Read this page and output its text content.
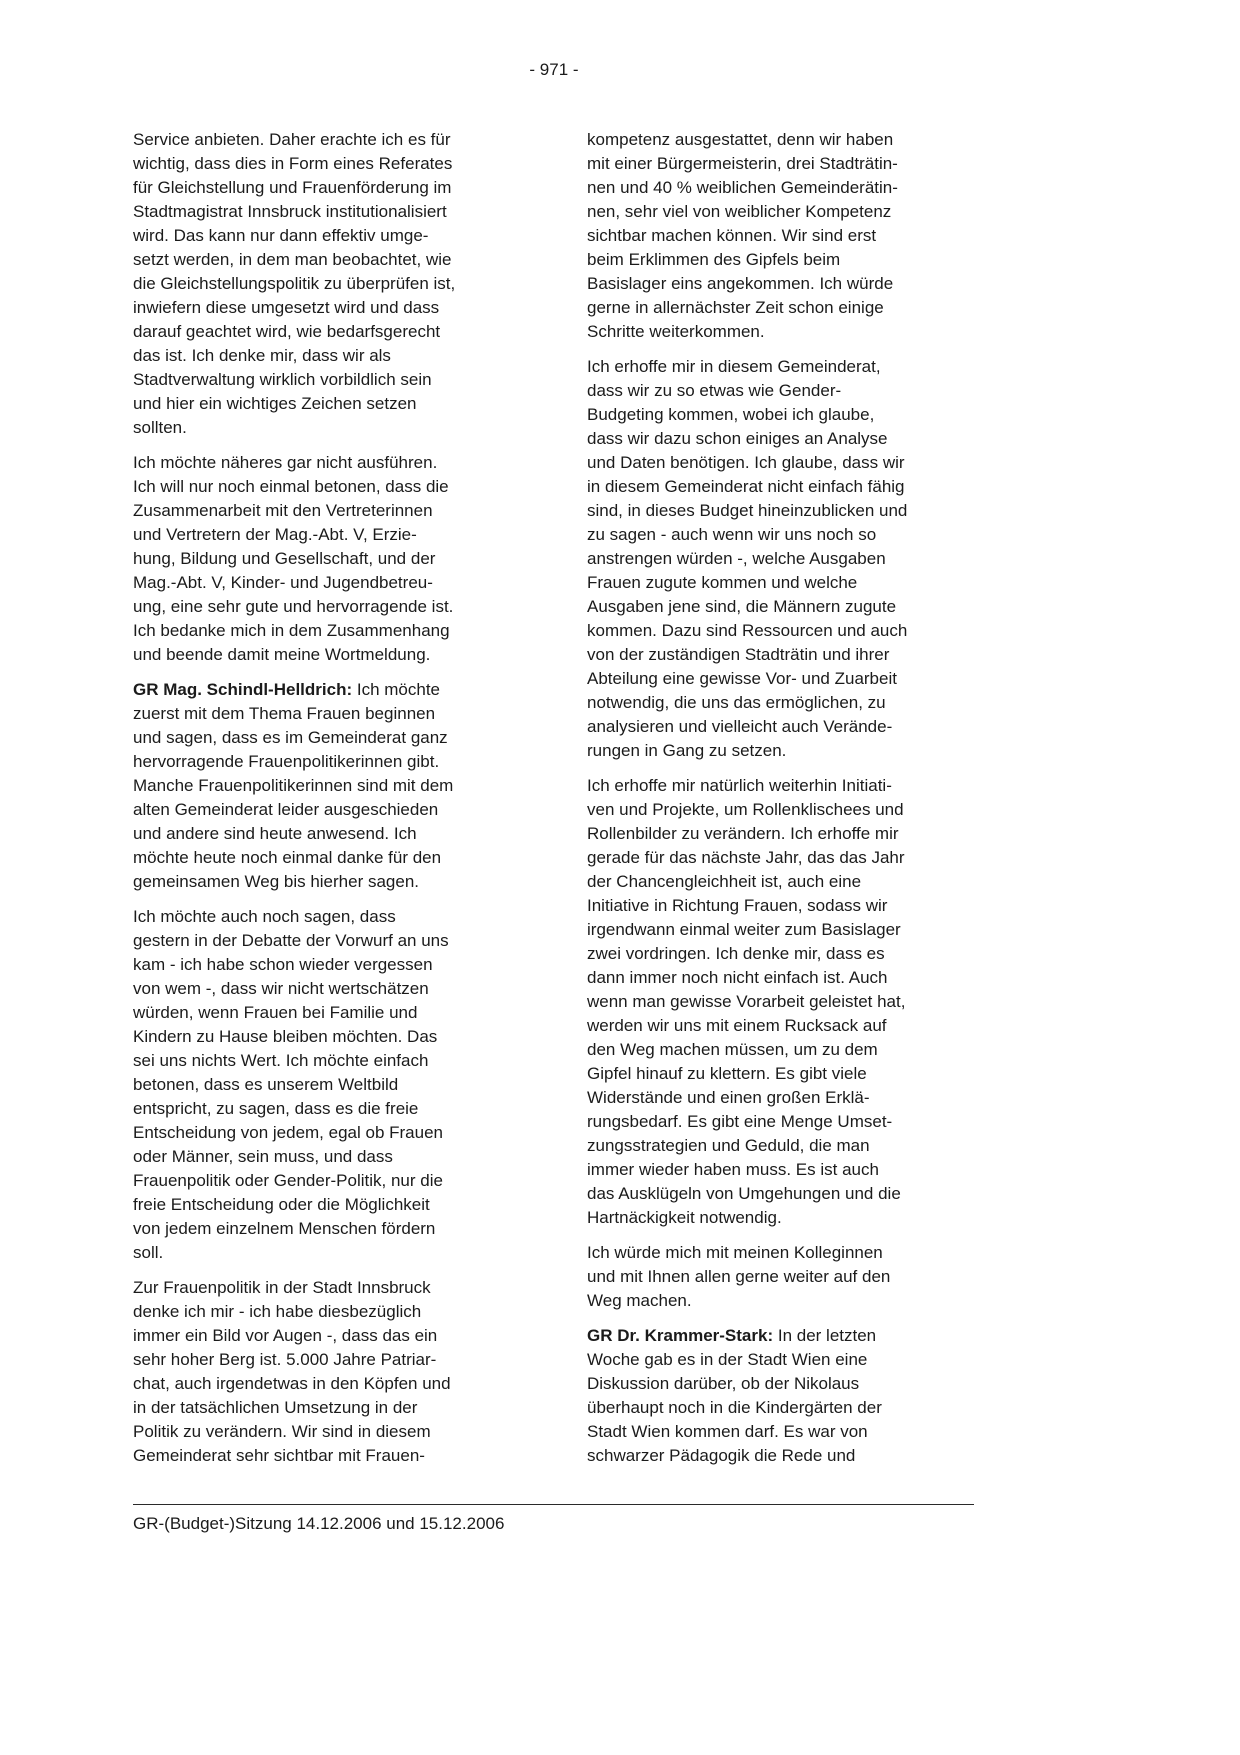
- 971 -

Service anbieten. Daher erachte ich es für
wichtig, dass dies in Form eines Referates
für Gleichstellung und Frauenförderung im
Stadtmagistrat Innsbruck institutionalisiert
wird. Das kann nur dann effektiv umge-
setzt werden, in dem man beobachtet, wie
die Gleichstellungspolitik zu überprüfen ist,
inwiefern diese umgesetzt wird und dass
darauf geachtet wird, wie bedarfsgerecht
das ist. Ich denke mir, dass wir als
Stadtverwaltung wirklich vorbildlich sein
und hier ein wichtiges Zeichen setzen
sollten.

Ich möchte näheres gar nicht ausführen.
Ich will nur noch einmal betonen, dass die
Zusammenarbeit mit den Vertreterinnen
und Vertretern der Mag.-Abt. V, Erzie-
hung, Bildung und Gesellschaft, und der
Mag.-Abt. V, Kinder- und Jugendbetreu-
ung, eine sehr gute und hervorragende ist.
Ich bedanke mich in dem Zusammenhang
und beende damit meine Wortmeldung.

GR Mag. Schindl-Helldrich: Ich möchte
zuerst mit dem Thema Frauen beginnen
und sagen, dass es im Gemeinderat ganz
hervorragende Frauenpolitikerinnen gibt.
Manche Frauenpolitikerinnen sind mit dem
alten Gemeinderat leider ausgeschieden
und andere sind heute anwesend. Ich
möchte heute noch einmal danke für den
gemeinsamen Weg bis hierher sagen.

Ich möchte auch noch sagen, dass
gestern in der Debatte der Vorwurf an uns
kam - ich habe schon wieder vergessen
von wem -, dass wir nicht wertschätzen
würden, wenn Frauen bei Familie und
Kindern zu Hause bleiben möchten. Das
sei uns nichts Wert. Ich möchte einfach
betonen, dass es unserem Weltbild
entspricht, zu sagen, dass es die freie
Entscheidung von jedem, egal ob Frauen
oder Männer, sein muss, und dass
Frauenpolitik oder Gender-Politik, nur die
freie Entscheidung oder die Möglichkeit
von jedem einzelnem Menschen fördern
soll.

Zur Frauenpolitik in der Stadt Innsbruck
denke ich mir - ich habe diesbezüglich
immer ein Bild vor Augen -, dass das ein
sehr hoher Berg ist. 5.000 Jahre Patriar-
chat, auch irgendetwas in den Köpfen und
in der tatsächlichen Umsetzung in der
Politik zu verändern. Wir sind in diesem
Gemeinderat sehr sichtbar mit Frauen-

kompetenz ausgestattet, denn wir haben
mit einer Bürgermeisterin, drei Stadträtin-
nen und 40 % weiblichen Gemeinderätin-
nen, sehr viel von weiblicher Kompetenz
sichtbar machen können. Wir sind erst
beim Erklimmen des Gipfels beim
Basislager eins angekommen. Ich würde
gerne in allernächster Zeit schon einige
Schritte weiterkommen.

Ich erhoffe mir in diesem Gemeinderat,
dass wir zu so etwas wie Gender-
Budgeting kommen, wobei ich glaube,
dass wir dazu schon einiges an Analyse
und Daten benötigen. Ich glaube, dass wir
in diesem Gemeinderat nicht einfach fähig
sind, in dieses Budget hineinzublicken und
zu sagen - auch wenn wir uns noch so
anstrengen würden -, welche Ausgaben
Frauen zugute kommen und welche
Ausgaben jene sind, die Männern zugute
kommen. Dazu sind Ressourcen und auch
von der zuständigen Stadträtin und ihrer
Abteilung eine gewisse Vor- und Zuarbeit
notwendig, die uns das ermöglichen, zu
analysieren und vielleicht auch Verände-
rungen in Gang zu setzen.

Ich erhoffe mir natürlich weiterhin Initiati-
ven und Projekte, um Rollenklischees und
Rollenbilder zu verändern. Ich erhoffe mir
gerade für das nächste Jahr, das das Jahr
der Chancengleichheit ist, auch eine
Initiative in Richtung Frauen, sodass wir
irgendwann einmal weiter zum Basislager
zwei vordringen. Ich denke mir, dass es
dann immer noch nicht einfach ist. Auch
wenn man gewisse Vorarbeit geleistet hat,
werden wir uns mit einem Rucksack auf
den Weg machen müssen, um zu dem
Gipfel hinauf zu klettern. Es gibt viele
Widerstände und einen großen Erklä-
rungsbedarf. Es gibt eine Menge Umset-
zungsstrategien und Geduld, die man
immer wieder haben muss. Es ist auch
das Ausklügeln von Umgehungen und die
Hartnäckigkeit notwendig.

Ich würde mich mit meinen Kolleginnen
und mit Ihnen allen gerne weiter auf den
Weg machen.

GR Dr. Krammer-Stark: In der letzten
Woche gab es in der Stadt Wien eine
Diskussion darüber, ob der Nikolaus
überhaupt noch in die Kindergärten der
Stadt Wien kommen darf. Es war von
schwarzer Pädagogik die Rede und

GR-(Budget-)Sitzung 14.12.2006 und 15.12.2006
